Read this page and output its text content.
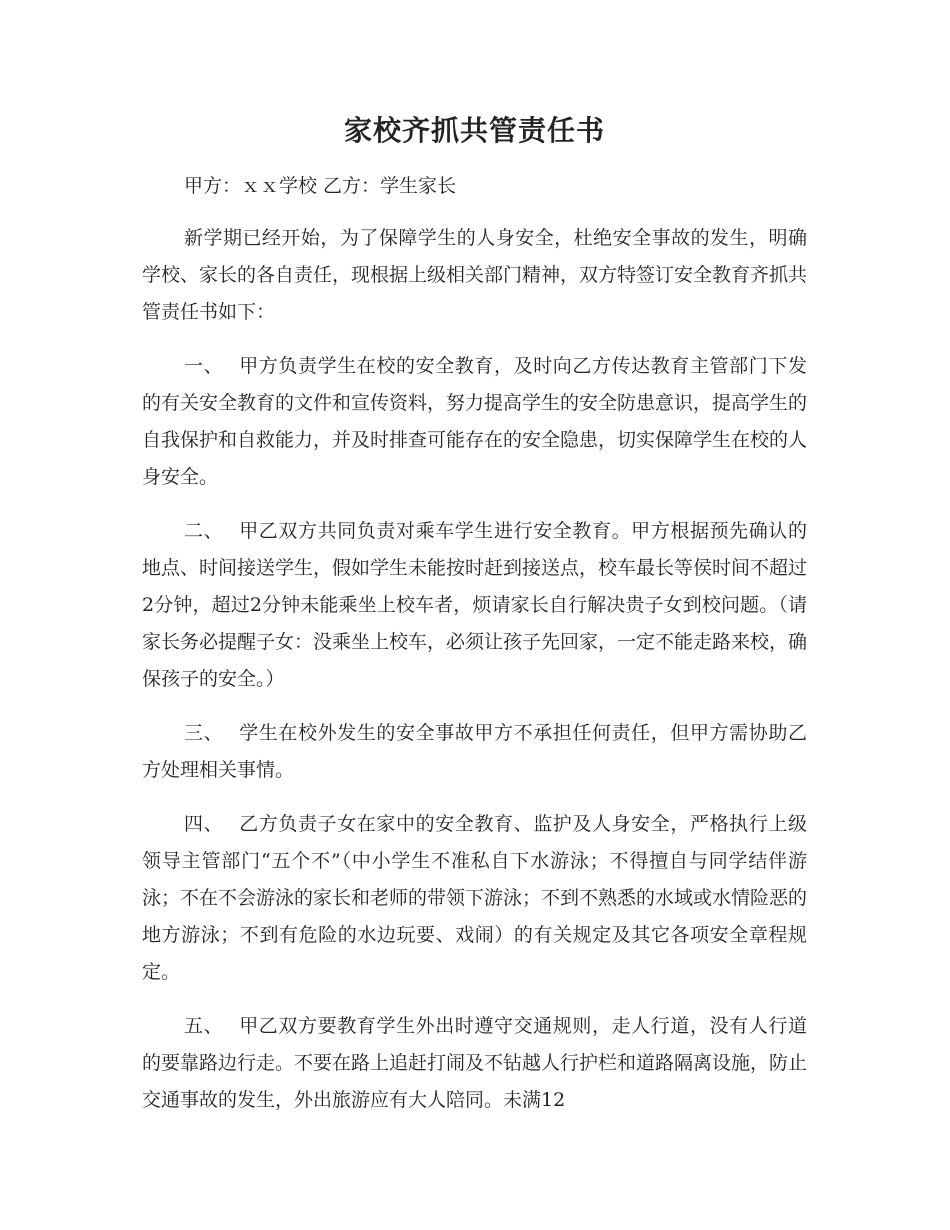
家校齐抓共管责任书
甲方：ｘｘ学校 乙方：学生家长
新学期已经开始，为了保障学生的人身安全，杜绝安全事故的发生，明确学校、家长的各自责任，现根据上级相关部门精神，双方特签订安全教育齐抓共管责任书如下：
一、 甲方负责学生在校的安全教育，及时向乙方传达教育主管部门下发的有关安全教育的文件和宣传资料，努力提高学生的安全防患意识，提高学生的自我保护和自救能力，并及时排查可能存在的安全隐患，切实保障学生在校的人身安全。
二、 甲乙双方共同负责对乘车学生进行安全教育。甲方根据预先确认的地点、时间接送学生，假如学生未能按时赶到接送点，校车最长等侯时间不超过2分钟，超过2分钟未能乘坐上校车者，烦请家长自行解决贵子女到校问题。（请家长务必提醒子女：没乘坐上校车，必须让孩子先回家，一定不能走路来校，确保孩子的安全。）
三、 学生在校外发生的安全事故甲方不承担任何责任，但甲方需协助乙方处理相关事情。
四、 乙方负责子女在家中的安全教育、监护及人身安全，严格执行上级领导主管部门“五个不”（中小学生不准私自下水游泳；不得擅自与同学结伴游泳；不在不会游泳的家长和老师的带领下游泳；不到不熟悉的水域或水情险恶的地方游泳；不到有危险的水边玩要、戏闹）的有关规定及其它各项安全章程规定。
五、 甲乙双方要教育学生外出时遵守交通规则，走人行道，没有人行道的要靠路边行走。不要在路上追赶打闹及不钻越人行护栏和道路隔离设施，防止交通事故的发生，外出旅游应有大人陪同。未满12
